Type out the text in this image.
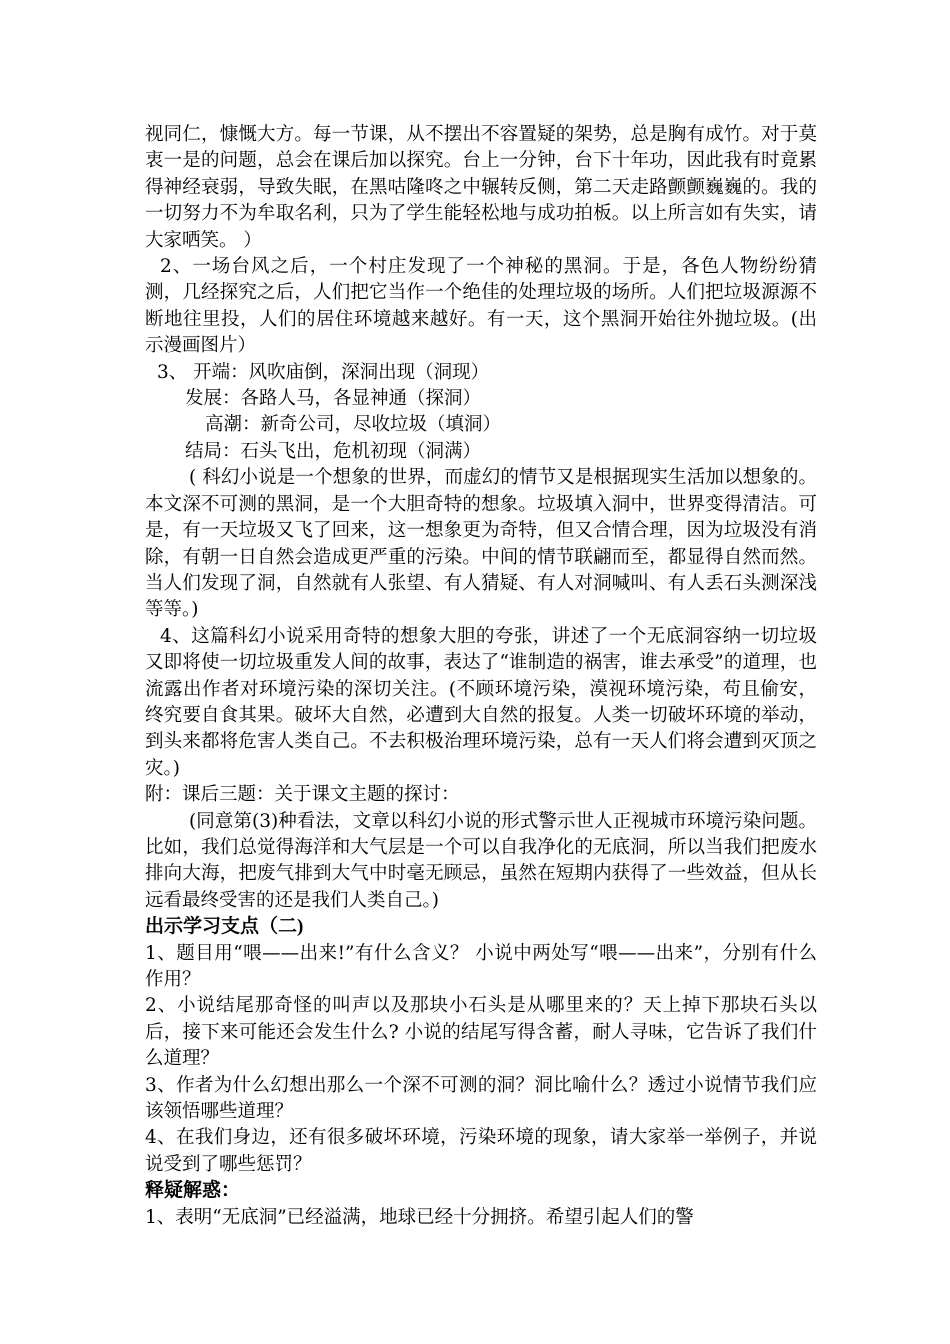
视同仁，慷慨大方。每一节课，从不摆出不容置疑的架势，总是胸有成竹。对于莫衷一是的问题，总会在课后加以探究。台上一分钟，台下十年功，因此我有时竟累得神经衰弱，导致失眠，在黑咕隆咚之中辗转反侧，第二天走路颤颤巍巍的。我的一切努力不为牟取名利，只为了学生能轻松地与成功拍板。以上所言如有失实，请大家哂笑。 ）

2、一场台风之后，一个村庄发现了一个神秘的黑洞。于是，各色人物纷纷猜测，几经探究之后，人们把它当作一个绝佳的处理垃圾的场所。人们把垃圾源源不断地往里投，人们的居住环境越来越好。有一天，这个黑洞开始往外抛垃圾。(出示漫画图片）

3、 开端：风吹庙倒，深洞出现（洞现）

发展：各路人马，各显神通（探洞）

高潮：新奇公司，尽收垃圾（填洞）

结局：石头飞出，危机初现（洞满）

( 科幻小说是一个想象的世界，而虚幻的情节又是根据现实生活加以想象的。本文深不可测的黑洞，是一个大胆奇特的想象。垃圾填入洞中，世界变得清洁。可是，有一天垃圾又飞了回来，这一想象更为奇特，但又合情合理，因为垃圾没有消除，有朝一日自然会造成更严重的污染。中间的情节联翩而至，都显得自然而然。当人们发现了洞，自然就有人张望、有人猜疑、有人对洞喊叫、有人丢石头测深浅等等。)

4、这篇科幻小说采用奇特的想象大胆的夸张，讲述了一个无底洞容纳一切垃圾又即将使一切垃圾重发人间的故事，表达了“谁制造的祸害，谁去承受”的道理，也流露出作者对环境污染的深切关注。(不顾环境污染，漠视环境污染，苟且偷安，终究要自食其果。破坏大自然，必遭到大自然的报复。人类一切破坏环境的举动，到头来都将危害人类自己。不去积极治理环境污染，总有一天人们将会遭到灭顶之灾。)

附：课后三题：关于课文主题的探讨：

(同意第(3)种看法，文章以科幻小说的形式警示世人正视城市环境污染问题。比如，我们总觉得海洋和大气层是一个可以自我净化的无底洞，所以当我们把废水排向大海，把废气排到大气中时毫无顾忌，虽然在短期内获得了一些效益，但从长远看最终受害的还是我们人类自己。)

出示学习支点（二)

1、题目用“喂——出来!”有什么含义？ 小说中两处写“喂——出来”，分别有什么作用？

2、小说结尾那奇怪的叫声以及那块小石头是从哪里来的？天上掉下那块石头以后，接下来可能还会发生什么? 小说的结尾写得含蓄，耐人寻味，它告诉了我们什么道理？

3、作者为什么幻想出那么一个深不可测的洞？洞比喻什么？透过小说情节我们应该领悟哪些道理？

4、在我们身边，还有很多破坏环境，污染环境的现象，请大家举一举例子，并说说受到了哪些惩罚？

释疑解惑：

1、表明“无底洞”已经溢满，地球已经十分拥挤。希望引起人们的警
